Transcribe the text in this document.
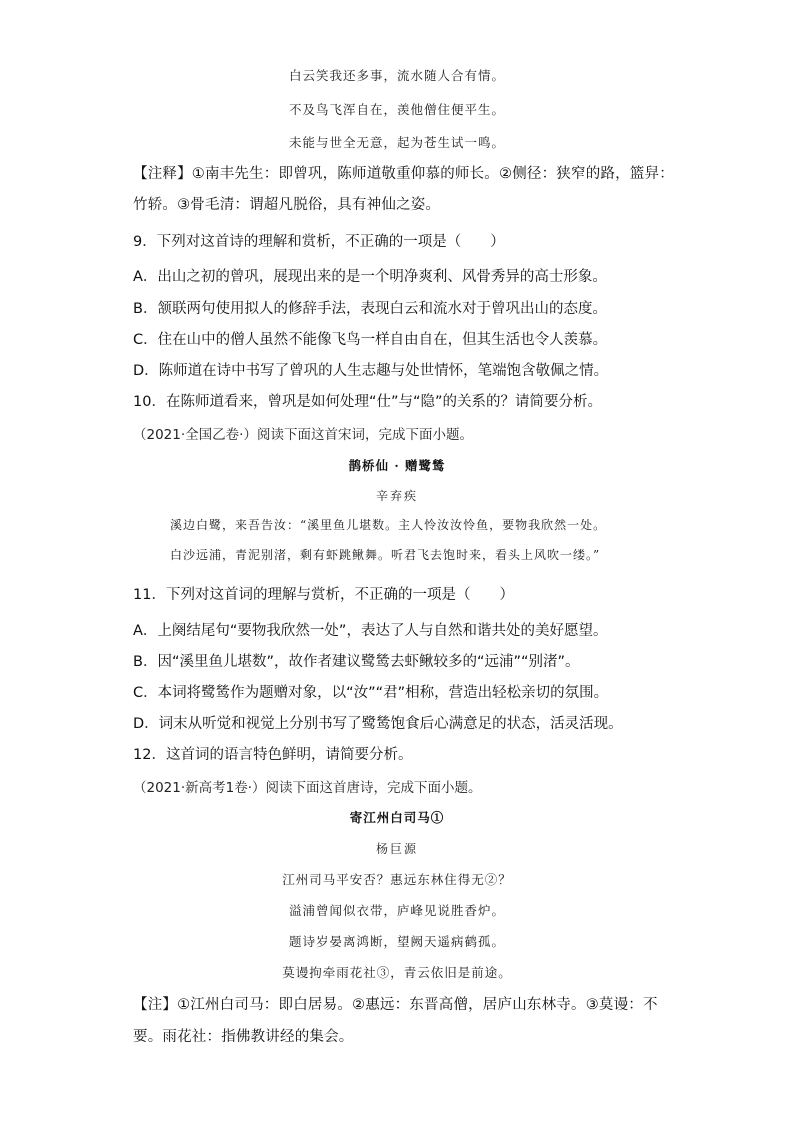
白云笑我还多事，流水随人合有情。
不及鸟飞浑自在，羡他僧住便平生。
未能与世全无意，起为苍生试一鸣。
【注释】①南丰先生：即曾巩，陈师道敬重仰慕的师长。②侧径：狭窄的路，篮舁：
竹轿。③骨毛清：谓超凡脱俗，具有神仙之姿。
9．下列对这首诗的理解和赏析，不正确的一项是（　　）
A．出山之初的曾巩，展现出来的是一个明净爽利、风骨秀异的高士形象。
B．颔联两句使用拟人的修辞手法，表现白云和流水对于曾巩出山的态度。
C．住在山中的僧人虽然不能像飞鸟一样自由自在，但其生活也令人羡慕。
D．陈师道在诗中书写了曾巩的人生志趣与处世情怀，笔端饱含敬佩之情。
10．在陈师道看来，曾巩是如何处理“仕”与“隐”的关系的？请简要分析。
（2021·全国乙卷·）阅读下面这首宋词，完成下面小题。
鹊桥仙 · 赠鹭鸶
辛弃疾
溪边白鹭，来吾告汝：“溪里鱼儿堪数。主人怜汝汝怜鱼，要物我欣然一处。
白沙远浦，青泥别渚，剩有虾跳鳅舞。听君飞去饱时来，看头上风吹一缕。”
11．下列对这首词的理解与赏析，不正确的一项是（　　）
A．上阕结尾句“要物我欣然一处”，表达了人与自然和谐共处的美好愿望。
B．因“溪里鱼儿堪数”，故作者建议鹭鸶去虾鳅较多的“远浦”“别渚”。
C．本词将鹭鸶作为题赠对象，以“汝”“君”相称，营造出轻松亲切的氛围。
D．词末从听觉和视觉上分别书写了鹭鸶饱食后心满意足的状态，活灵活现。
12．这首词的语言特色鲜明，请简要分析。
（2021·新高考1卷·）阅读下面这首唐诗，完成下面小题。
寄江州白司马①
杨巨源
江州司马平安否？惠远东林住得无②？
溢浦曾闻似衣带，庐峰见说胜香炉。
题诗岁晏离鸿断，望阙天遥病鹤孤。
莫谩拘牵雨花社③，青云依旧是前途。
【注】①江州白司马：即白居易。②惠远：东晋高僧，居庐山东林寺。③莫谩：不
要。雨花社：指佛教讲经的集会。
